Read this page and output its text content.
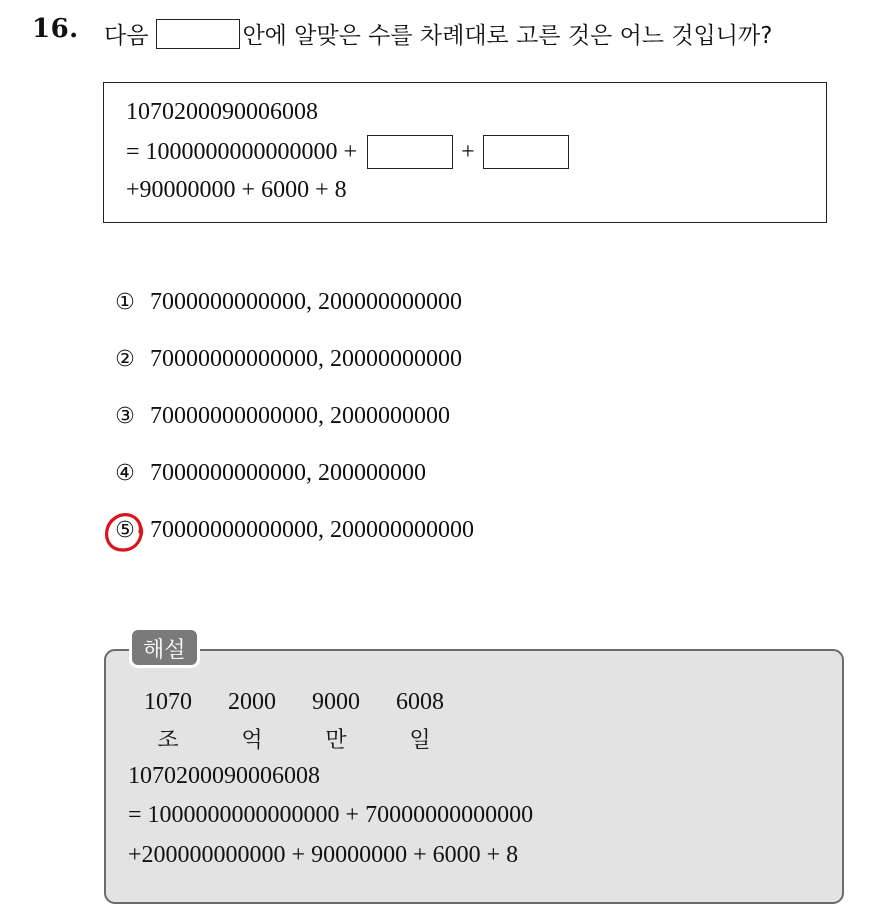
16. 다음	안에 알맞은 수를 차례대로 고른 것은 어느 것입니까?
1070200090006008
= 1000000000000000 +	+
+90000000 + 6000 + 8
① 7000000000000, 200000000000
② 70000000000000, 20000000000
③ 70000000000000, 2000000000
④ 7000000000000, 200000000
⑤ 70000000000000, 200000000000
1070	2000	9000	6008
조	억	만	일
1070200090006008
= 1000000000000000 + 70000000000000
+200000000000 + 90000000 + 6000 + 8
해설
